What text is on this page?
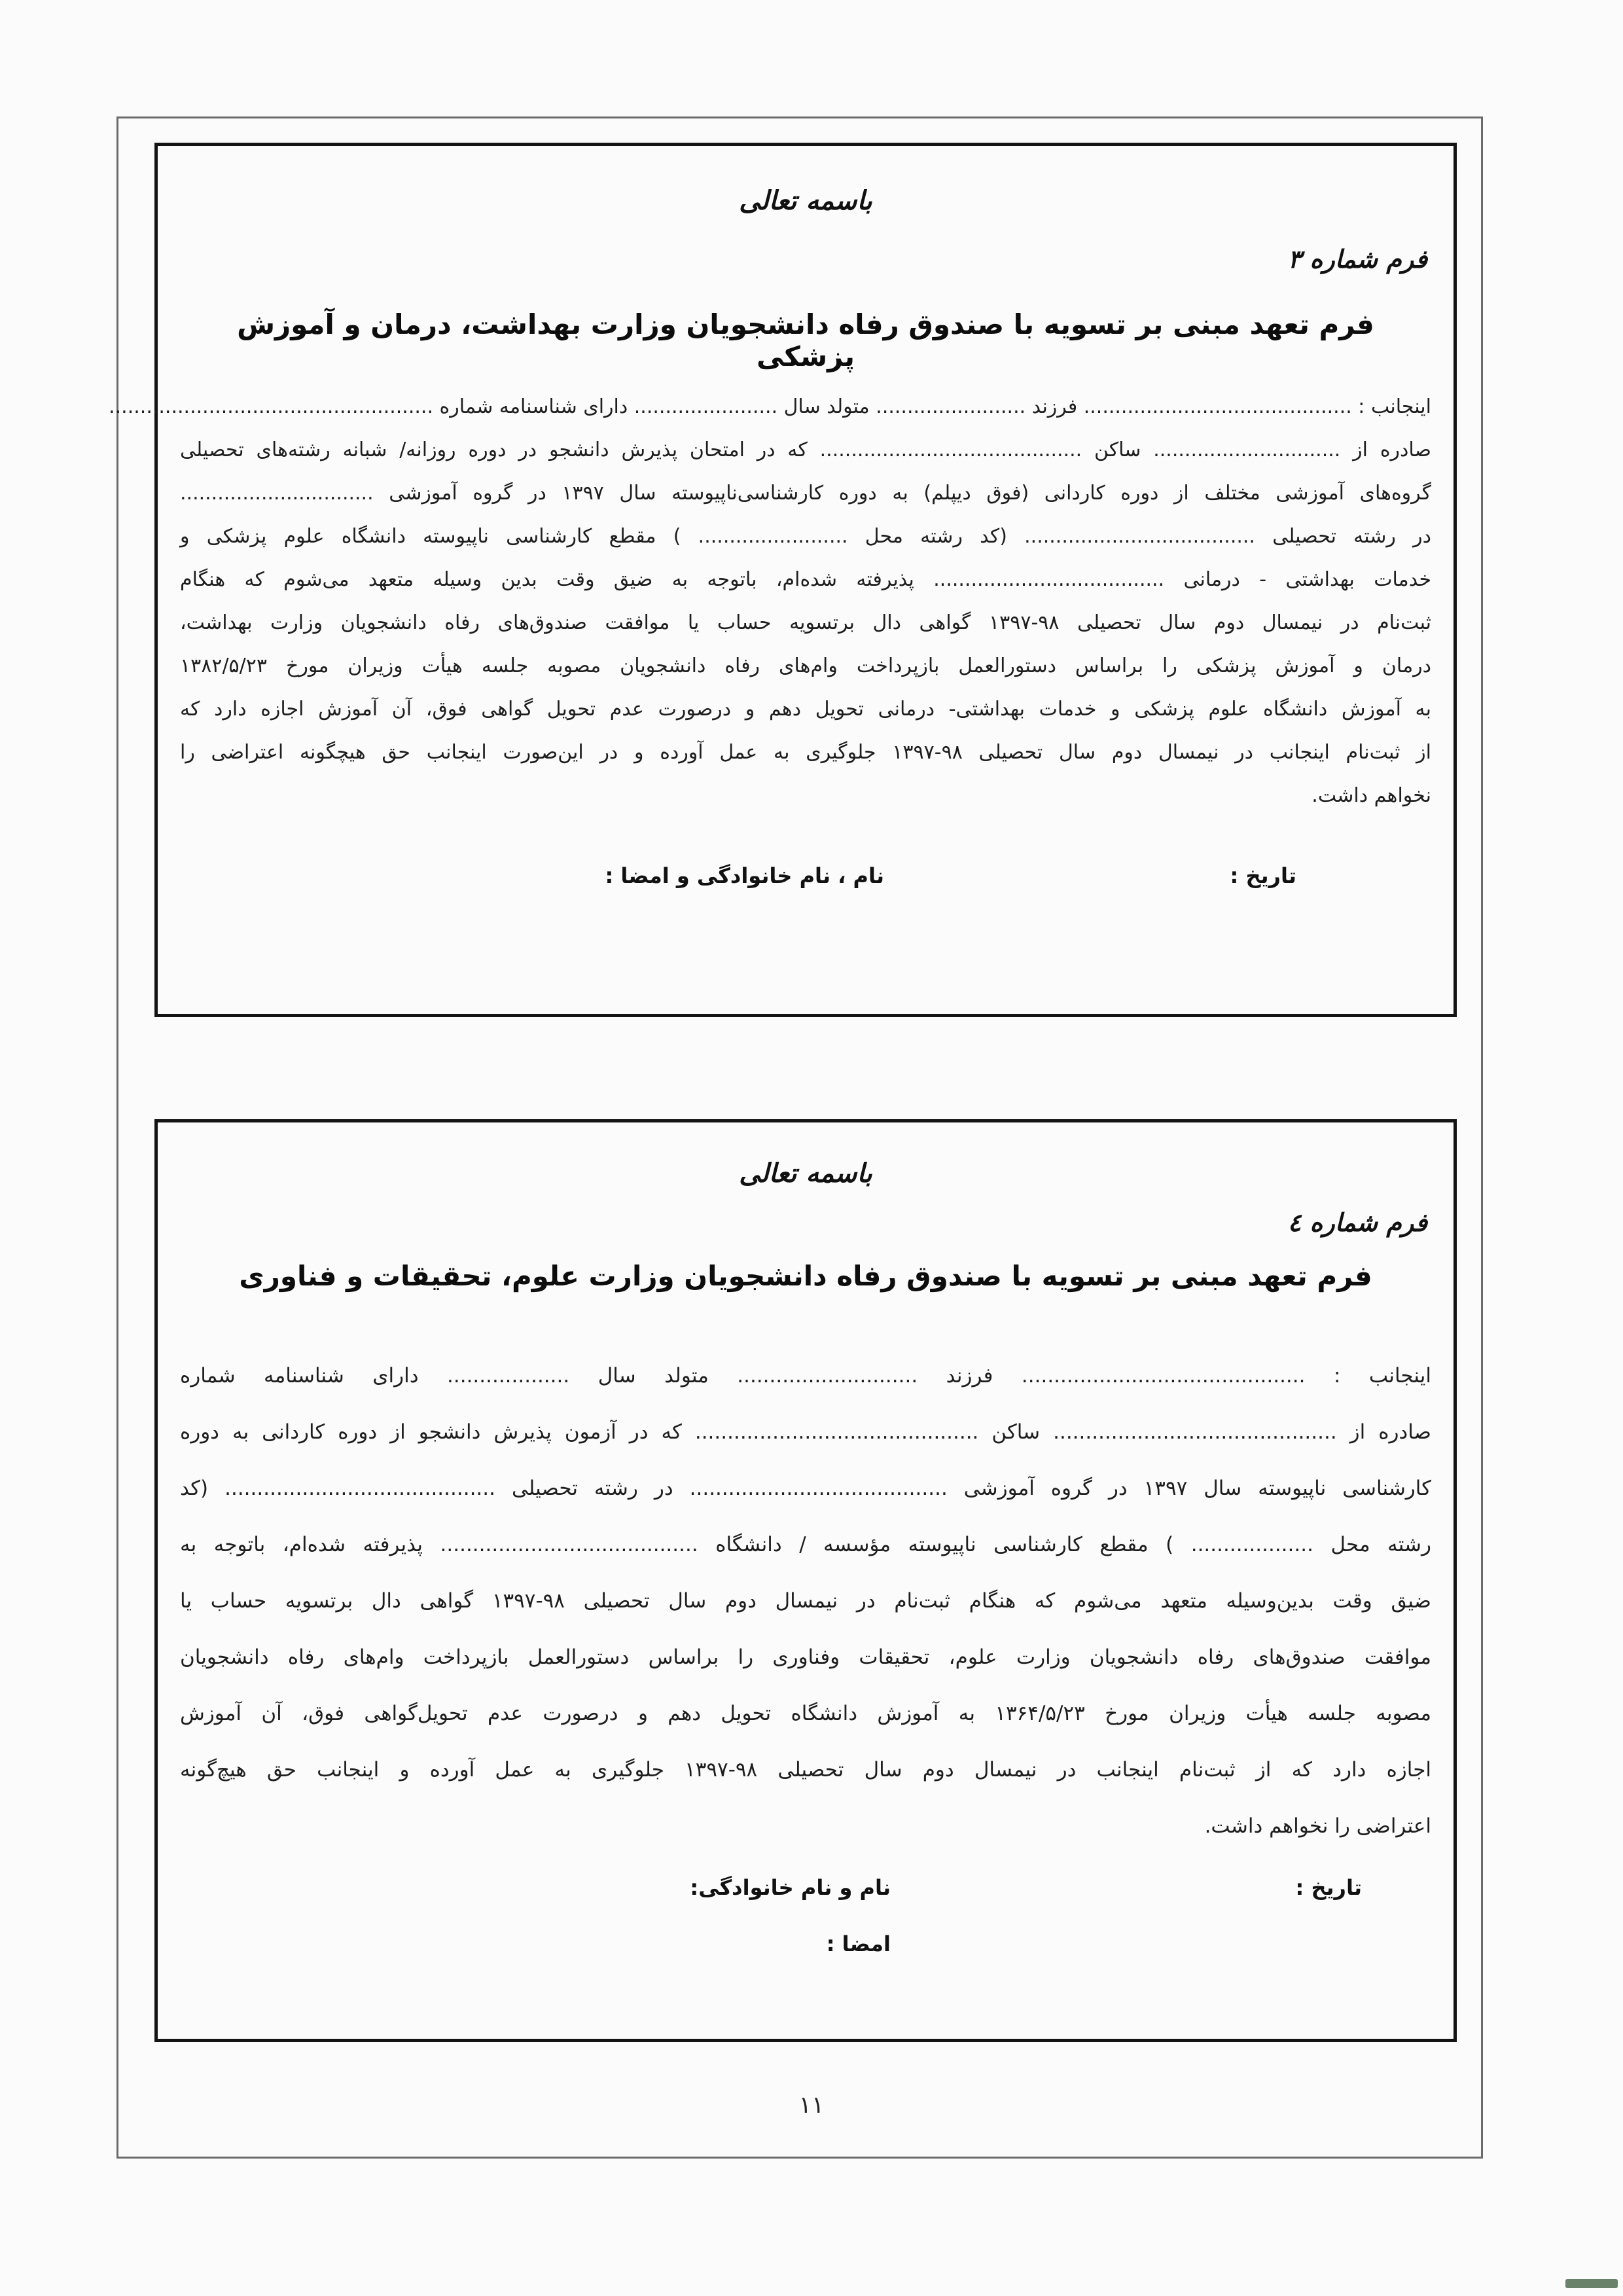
باسمه تعالی
فرم شماره ۳
فرم تعهد مبنی بر تسویه با صندوق رفاه دانشجویان وزارت بهداشت، درمان و آموزش پزشکی
اینجانب : ........................................... فرزند ........................ متولد سال ....................... دارای شناسنامه شماره ....................................................
صادره از .............................. ساکن .......................................... که در امتحان پذیرش دانشجو در دوره روزانه/ شبانه رشته‌های تحصیلی
گروه‌های آموزشی مختلف از دوره کاردانی (فوق دیپلم) به دوره کارشناسی‌ناپیوسته سال ۱۳۹۷ در گروه آموزشی ...............................
در رشته تحصیلی ..................................... (کد رشته محل ........................ ) مقطع کارشناسی ناپیوسته دانشگاه علوم پزشکی و
خدمات بهداشتی - درمانی ..................................... پذیرفته شده‌ام، باتوجه به ضیق وقت بدین وسیله متعهد می‌شوم که هنگام
ثبت‌نام در نیمسال دوم سال تحصیلی ۹۸-۱۳۹۷ گواهی دال برتسویه حساب یا موافقت صندوق‌های رفاه دانشجویان وزارت بهداشت،
درمان و آموزش پزشکی را براساس دستورالعمل بازپرداخت وام‌های رفاه دانشجویان مصوبه جلسه هیأت وزیران مورخ ۱۳۸۲/۵/۲۳
به آموزش دانشگاه علوم پزشکی و خدمات بهداشتی- درمانی تحویل دهم و درصورت عدم تحویل گواهی فوق، آن آموزش اجازه دارد که
از ثبت‌نام اینجانب در نیمسال دوم سال تحصیلی ۹۸-۱۳۹۷ جلوگیری به عمل آورده و در این‌صورت اینجانب حق هیچگونه اعتراضی را
نخواهم داشت.
تاریخ :
نام ، نام خانوادگی و امضا :
باسمه تعالی
فرم شماره ٤
فرم تعهد مبنی بر تسویه با صندوق رفاه دانشجویان وزارت علوم، تحقیقات و فناوری
اینجانب : ............................................ فرزند ............................ متولد سال ................... دارای شناسنامه شماره
صادره از ............................................ ساکن ............................................ که در آزمون پذیرش دانشجو از دوره کاردانی به دوره
کارشناسی ناپیوسته سال ۱۳۹۷ در گروه آموزشی ........................................ در رشته تحصیلی .......................................... (کد
رشته محل ................... ) مقطع کارشناسی ناپیوسته مؤسسه / دانشگاه ........................................ پذیرفته شده‌ام، باتوجه به
ضیق وقت بدین‌وسیله متعهد می‌شوم که هنگام ثبت‌نام در نیمسال دوم سال تحصیلی ۹۸-۱۳۹۷ گواهی دال برتسویه حساب یا
موافقت صندوق‌های رفاه دانشجویان وزارت علوم، تحقیقات وفناوری را براساس دستورالعمل بازپرداخت وام‌های رفاه دانشجویان
مصوبه جلسه هیأت وزیران مورخ ۱۳۶۴/۵/۲۳ به آموزش دانشگاه تحویل دهم و درصورت عدم تحویل‌گواهی فوق، آن آموزش
اجازه دارد که از ثبت‌نام اینجانب در نیمسال دوم سال تحصیلی ۹۸-۱۳۹۷ جلوگیری به عمل آورده و اینجانب حق هیچ‌گونه
اعتراضی را نخواهم داشت.
تاریخ :
نام و نام خانوادگی:
امضا :
۱۱
